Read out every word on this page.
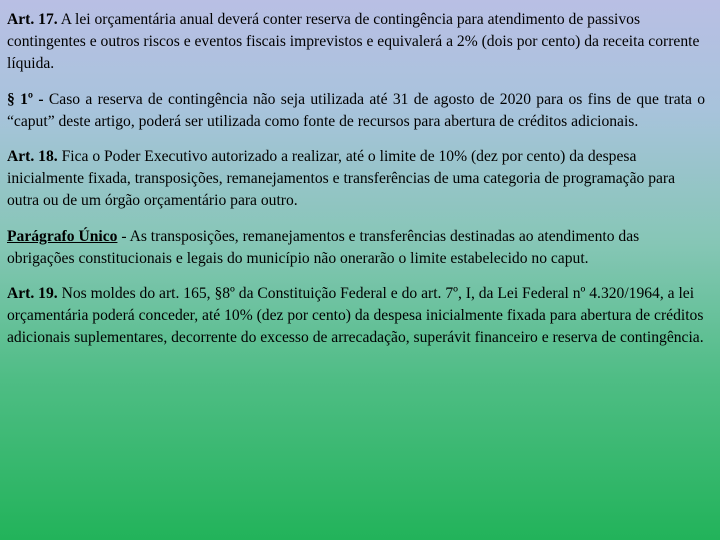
Art. 17. A lei orçamentária anual deverá conter reserva de contingência para atendimento de passivos contingentes e outros riscos e eventos fiscais imprevistos e equivalerá a 2% (dois por cento) da receita corrente líquida.

§ 1º - Caso a reserva de contingência não seja utilizada até 31 de agosto de 2020 para os fins de que trata o “caput” deste artigo, poderá ser utilizada como fonte de recursos para abertura de créditos adicionais.

Art. 18. Fica o Poder Executivo autorizado a realizar, até o limite de 10% (dez por cento) da despesa inicialmente fixada, transposições, remanejamentos e transferências de uma categoria de programação para outra ou de um órgão orçamentário para outro.

Parágrafo Único - As transposições, remanejamentos e transferências destinadas ao atendimento das obrigações constitucionais e legais do município não onerarão o limite estabelecido no caput.

Art. 19. Nos moldes do art. 165, §8º da Constituição Federal e do art. 7º, I, da Lei Federal nº 4.320/1964, a lei orçamentária poderá conceder, até 10% (dez por cento) da despesa inicialmente fixada para abertura de créditos adicionais suplementares, decorrente do excesso de arrecadação, superávit financeiro e reserva de contingência.
